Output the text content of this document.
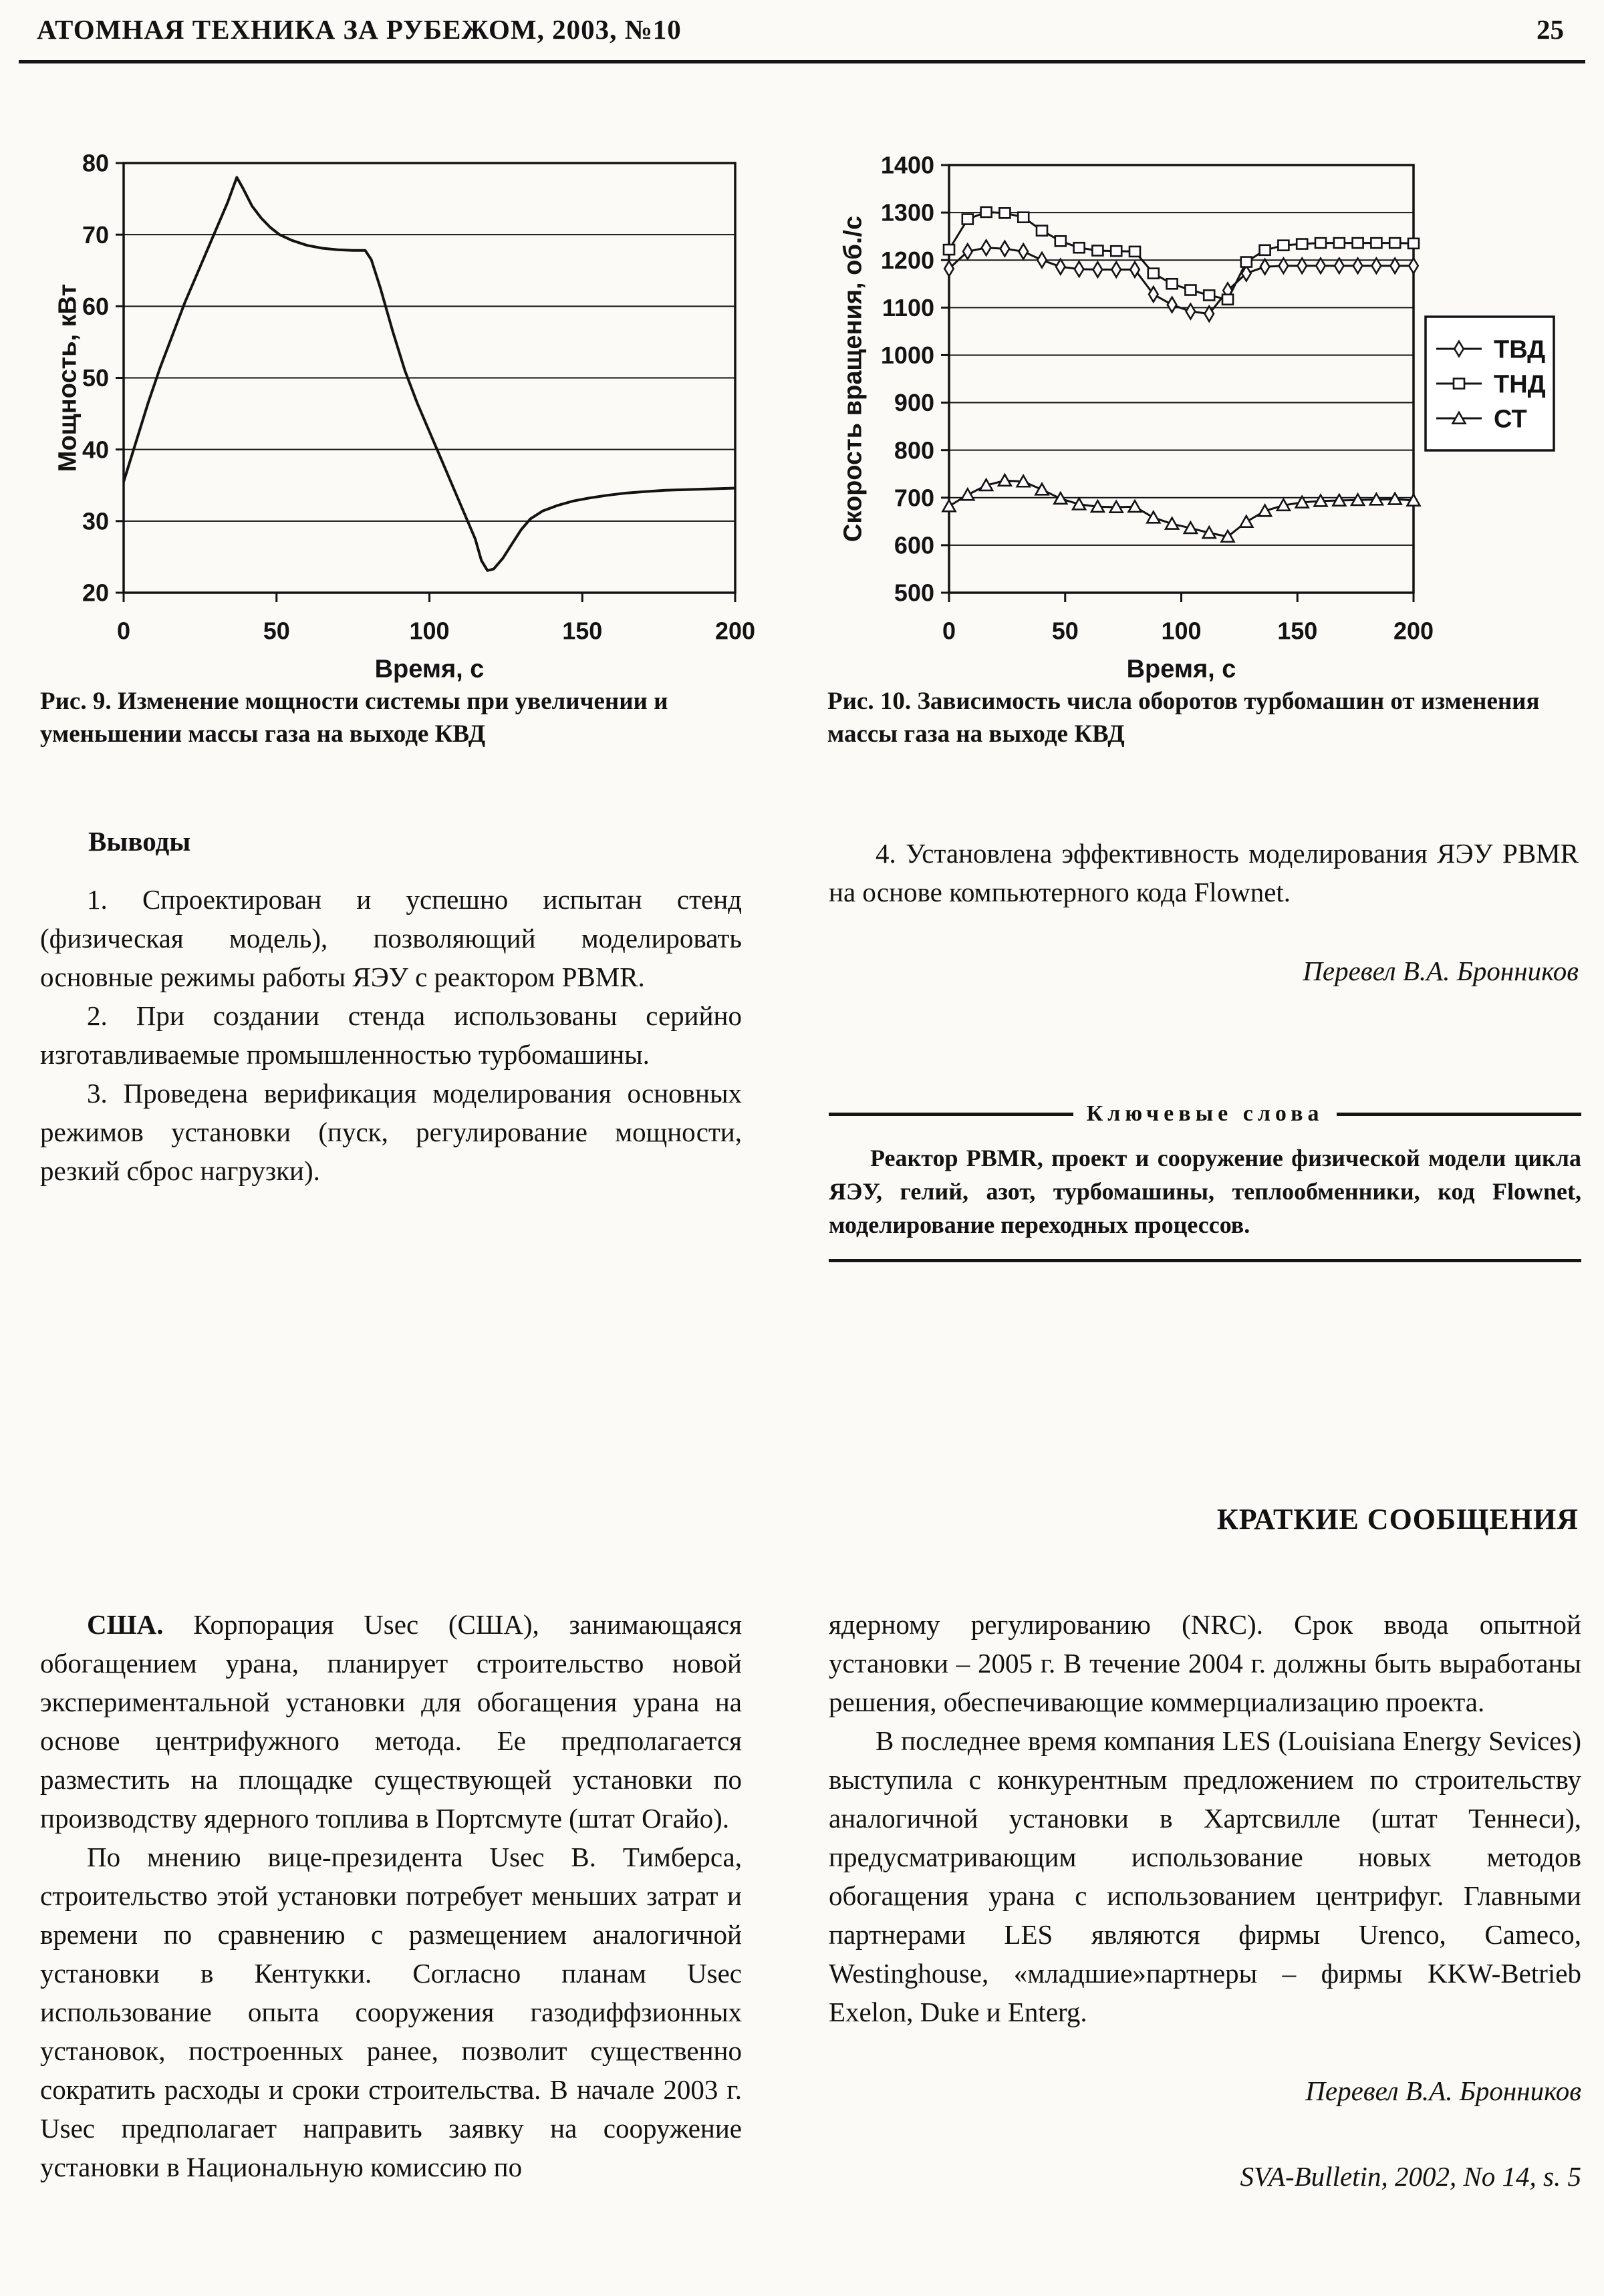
АТОМНАЯ ТЕХНИКА ЗА РУБЕЖОМ, 2003, №10	25
20
30
40
50
60
70
80
0	50	100	150	200
Время, с
Мощность, кВт
Рис. 9. Изменение мощности системы при увеличении и уменьшении массы газа на выходе КВД
500
600
700
800
900
1000
1100
1200
1300
1400
0	50	100	150	200
Время, с
Скорость вращения, об./с	ТВД
ТНД
СТ
Рис. 10. Зависимость числа оборотов турбомашин от изменения массы газа на выходе КВД
Выводы

1. Спроектирован и успешно испытан стенд (физическая модель), позволяющий моделировать основные режимы работы ЯЭУ с реактором PBMR.

2. При создании стенда использованы серийно изготавливаемые промышленностью турбомашины.

3. Проведена верификация моделирования основных режимов установки (пуск, регулирование мощности, резкий сброс нагрузки).

4. Установлена эффективность моделирования ЯЭУ PBMR на основе компьютерного кода Flownet.

Перевел В.А. Бронников

Ключевые слова

Реактор PBMR, проект и сооружение физической модели цикла ЯЭУ, гелий, азот, турбомашины, теплообменники, код Flownet, моделирование переходных процессов.

КРАТКИЕ СООБЩЕНИЯ

США. Корпорация Usec (США), занимающаяся обогащением урана, планирует строительство новой экспериментальной установки для обогащения урана на основе центрифужного метода. Ее предполагается разместить на площадке существующей установки по производству ядерного топлива в Портсмуте (штат Огайо).

По мнению вице-президента Usec В. Тимберса, строительство этой установки потребует меньших затрат и времени по сравнению с размещением аналогичной установки в Кентукки. Согласно планам Usec использование опыта сооружения газодиффзионных установок, построенных ранее, позволит существенно сократить расходы и сроки строительства. В начале 2003 г. Usec предполагает направить заявку на сооружение установки в Национальную комиссию по

ядерному регулированию (NRC). Срок ввода опытной установки – 2005 г. В течение 2004 г. должны быть выработаны решения, обеспечивающие коммерциализацию проекта.

В последнее время компания LES (Louisiana Energy Sevices) выступила с конкурентным предложением по строительству аналогичной установки в Хартсвилле (штат Теннеси), предусматривающим использование новых методов обогащения урана с использованием центрифуг. Главными партнерами LES являются фирмы Urenco, Cameco, Westinghouse, «младшие»партнеры – фирмы KKW-Betrieb Exelon, Duke и Enterg.

Перевел В.А. Бронников

SVA-Bulletin, 2002, No 14, s. 5
